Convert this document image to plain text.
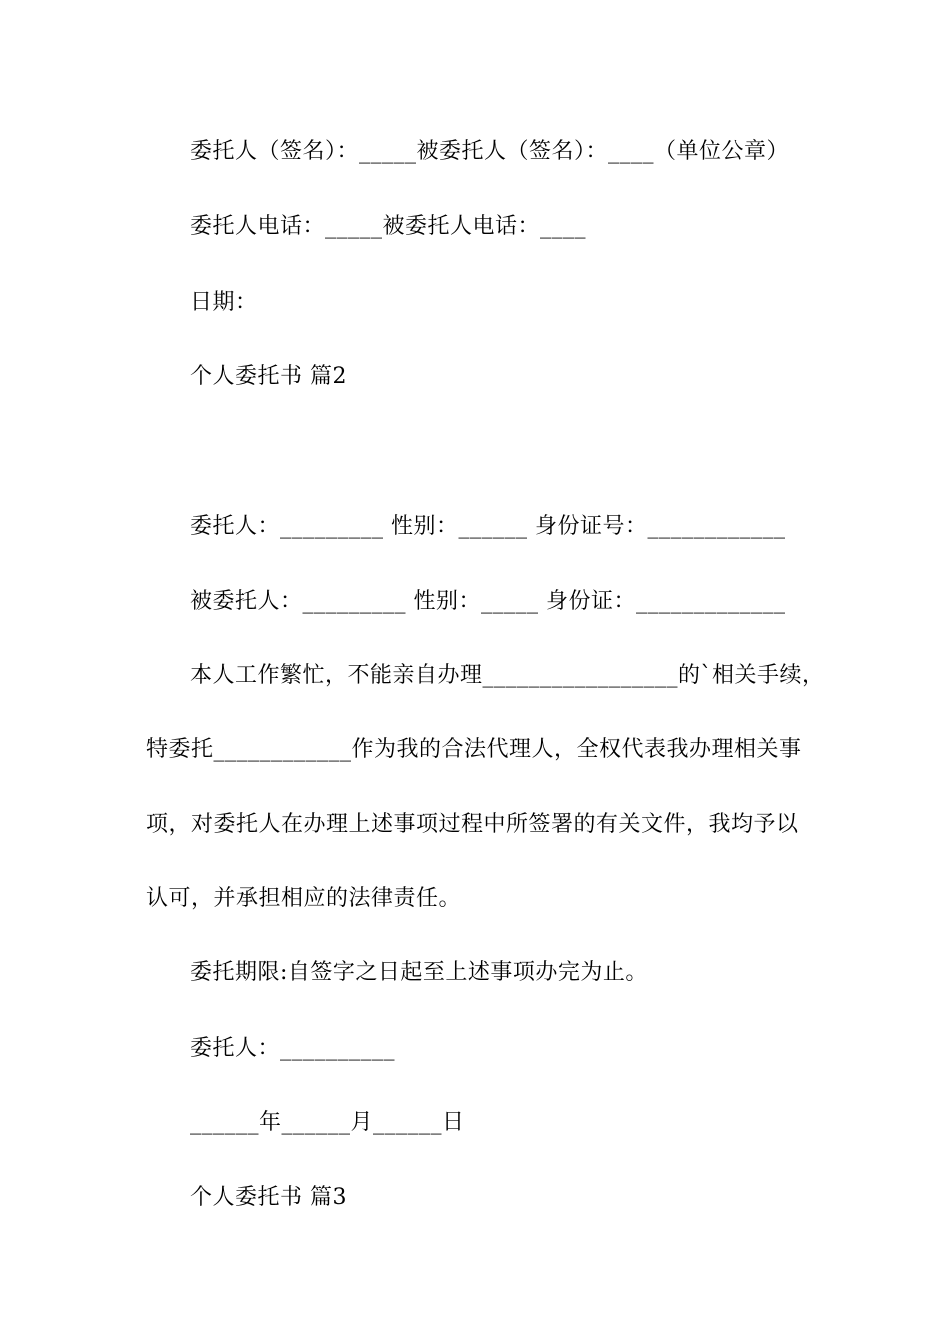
委托人（签名）：_____被委托人（签名）：____（单位公章）
委托人电话：_____被委托人电话：____
日期：
个人委托书 篇2
委托人：_________ 性别：______ 身份证号：____________
被委托人：_________ 性别：_____ 身份证：_____________
本人工作繁忙，不能亲自办理_________________的`相关手续，
特委托____________作为我的合法代理人，全权代表我办理相关事
项，对委托人在办理上述事项过程中所签署的有关文件，我均予以
认可，并承担相应的法律责任。
委托期限:自签字之日起至上述事项办完为止。
委托人：__________
______年______月______日
个人委托书 篇3
